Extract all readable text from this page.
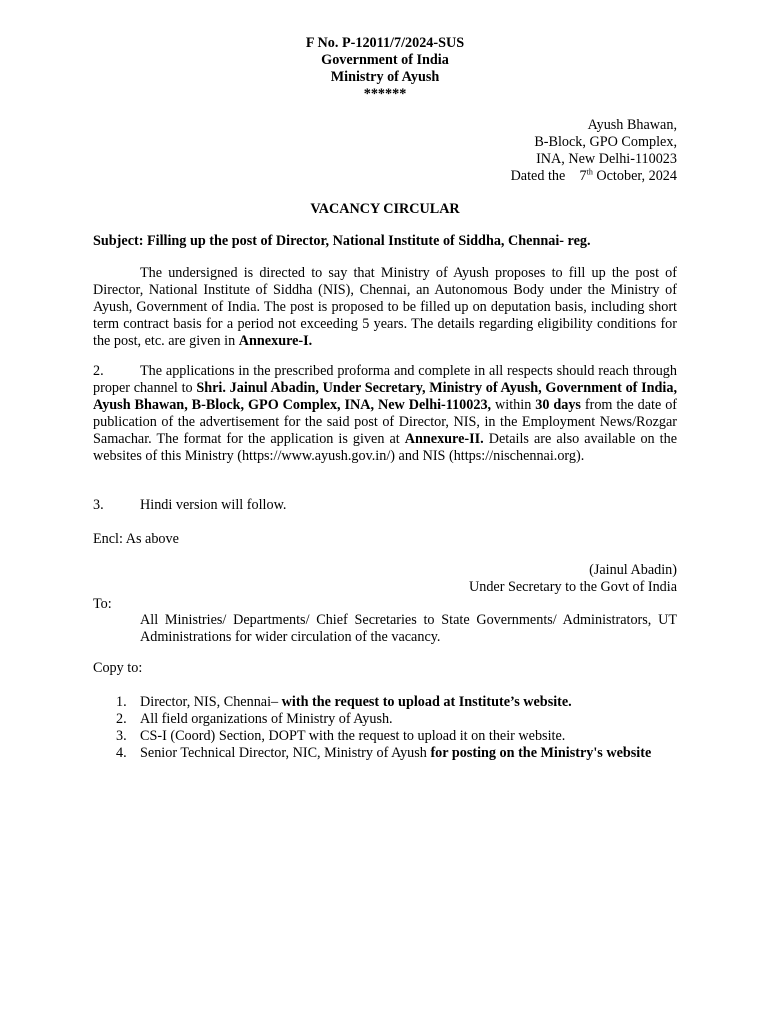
F No. P-12011/7/2024-SUS
Government of India
Ministry of Ayush
******
Ayush Bhawan,
B-Block, GPO Complex,
INA, New Delhi-110023
Dated the 7th October, 2024
VACANCY CIRCULAR
Subject: Filling up the post of Director, National Institute of Siddha, Chennai- reg.
The undersigned is directed to say that Ministry of Ayush proposes to fill up the post of Director, National Institute of Siddha (NIS), Chennai, an Autonomous Body under the Ministry of Ayush, Government of India. The post is proposed to be filled up on deputation basis, including short term contract basis for a period not exceeding 5 years. The details regarding eligibility conditions for the post, etc. are given in Annexure-I.
2.	The applications in the prescribed proforma and complete in all respects should reach through proper channel to Shri. Jainul Abadin, Under Secretary, Ministry of Ayush, Government of India, Ayush Bhawan, B-Block, GPO Complex, INA, New Delhi-110023, within 30 days from the date of publication of the advertisement for the said post of Director, NIS, in the Employment News/Rozgar Samachar. The format for the application is given at Annexure-II. Details are also available on the websites of this Ministry (https://www.ayush.gov.in/) and NIS (https://nischennai.org).
3.	Hindi version will follow.
Encl: As above
(Jainul Abadin)
Under Secretary to the Govt of India
To:
All Ministries/ Departments/ Chief Secretaries to State Governments/ Administrators, UT Administrations for wider circulation of the vacancy.
Copy to:
1. Director, NIS, Chennai– with the request to upload at Institute’s website.
2. All field organizations of Ministry of Ayush.
3. CS-I (Coord) Section, DOPT with the request to upload it on their website.
4. Senior Technical Director, NIC, Ministry of Ayush for posting on the Ministry's website
